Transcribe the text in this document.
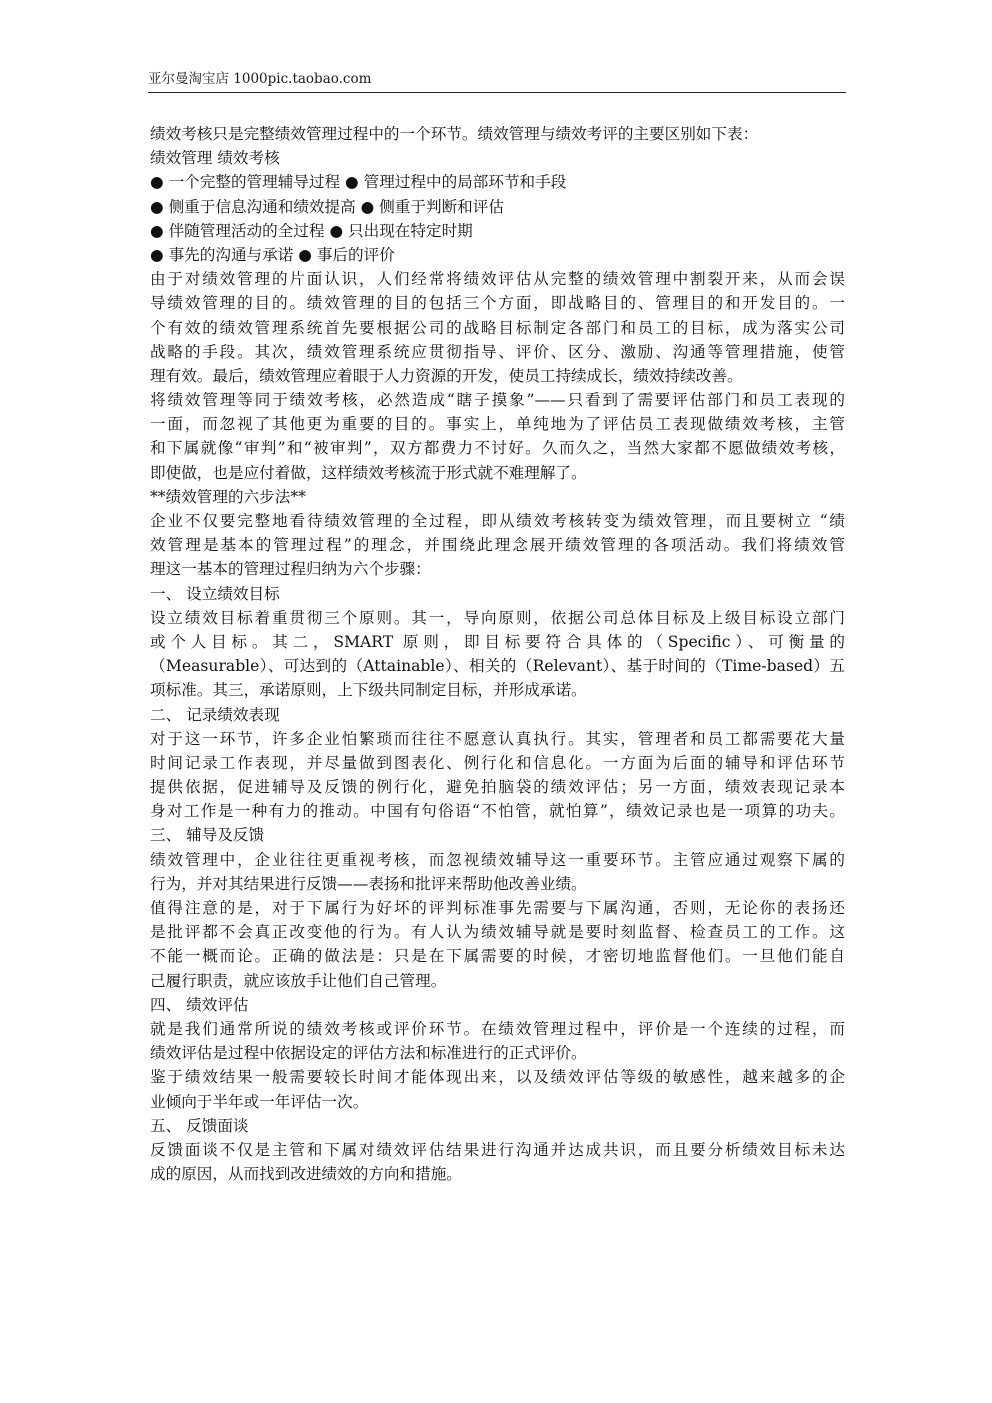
亚尔曼淘宝店 1000pic.taobao.com
绩效考核只是完整绩效管理过程中的一个环节。绩效管理与绩效考评的主要区别如下表：
绩效管理 绩效考核
● 一个完整的管理辅导过程 ● 管理过程中的局部环节和手段
● 侧重于信息沟通和绩效提高 ● 侧重于判断和评估
● 伴随管理活动的全过程 ● 只出现在特定时期
● 事先的沟通与承诺 ● 事后的评价
由于对绩效管理的片面认识，人们经常将绩效评估从完整的绩效管理中割裂开来，从而会误
导绩效管理的目的。绩效管理的目的包括三个方面，即战略目的、管理目的和开发目的。一
个有效的绩效管理系统首先要根据公司的战略目标制定各部门和员工的目标，成为落实公司
战略的手段。其次，绩效管理系统应贯彻指导、评价、区分、激励、沟通等管理措施，使管
理有效。最后，绩效管理应着眼于人力资源的开发，使员工持续成长，绩效持续改善。
将绩效管理等同于绩效考核，必然造成“瞎子摸象”——只看到了需要评估部门和员工表现的
一面，而忽视了其他更为重要的目的。事实上，单纯地为了评估员工表现做绩效考核，主管
和下属就像“审判”和“被审判”，双方都费力不讨好。久而久之，当然大家都不愿做绩效考核，
即使做，也是应付着做，这样绩效考核流于形式就不难理解了。
**绩效管理的六步法**
企业不仅要完整地看待绩效管理的全过程，即从绩效考核转变为绩效管理，而且要树立 “绩
效管理是基本的管理过程”的理念，并围绕此理念展开绩效管理的各项活动。我们将绩效管
理这一基本的管理过程归纳为六个步骤：
一、 设立绩效目标
设立绩效目标着重贯彻三个原则。其一，导向原则，依据公司总体目标及上级目标设立部门
或个人目标。其二，SMART 原则，即目标要符合具体的（Specific）、可衡量的
（Measurable）、可达到的（Attainable）、相关的（Relevant）、基于时间的（Time-based）五
项标准。其三，承诺原则，上下级共同制定目标，并形成承诺。
二、 记录绩效表现
对于这一环节，许多企业怕繁琐而往往不愿意认真执行。其实，管理者和员工都需要花大量
时间记录工作表现，并尽量做到图表化、例行化和信息化。一方面为后面的辅导和评估环节
提供依据，促进辅导及反馈的例行化，避免拍脑袋的绩效评估；另一方面，绩效表现记录本
身对工作是一种有力的推动。中国有句俗语“不怕管，就怕算”，绩效记录也是一项算的功夫。
三、 辅导及反馈
绩效管理中，企业往往更重视考核，而忽视绩效辅导这一重要环节。主管应通过观察下属的
行为，并对其结果进行反馈——表扬和批评来帮助他改善业绩。
值得注意的是，对于下属行为好坏的评判标准事先需要与下属沟通，否则，无论你的表扬还
是批评都不会真正改变他的行为。有人认为绩效辅导就是要时刻监督、检查员工的工作。这
不能一概而论。正确的做法是：只是在下属需要的时候，才密切地监督他们。一旦他们能自
己履行职责，就应该放手让他们自己管理。
四、 绩效评估
就是我们通常所说的绩效考核或评价环节。在绩效管理过程中，评价是一个连续的过程，而
绩效评估是过程中依据设定的评估方法和标准进行的正式评价。
鉴于绩效结果一般需要较长时间才能体现出来，以及绩效评估等级的敏感性，越来越多的企
业倾向于半年或一年评估一次。
五、 反馈面谈
反馈面谈不仅是主管和下属对绩效评估结果进行沟通并达成共识，而且要分析绩效目标未达
成的原因，从而找到改进绩效的方向和措施。
